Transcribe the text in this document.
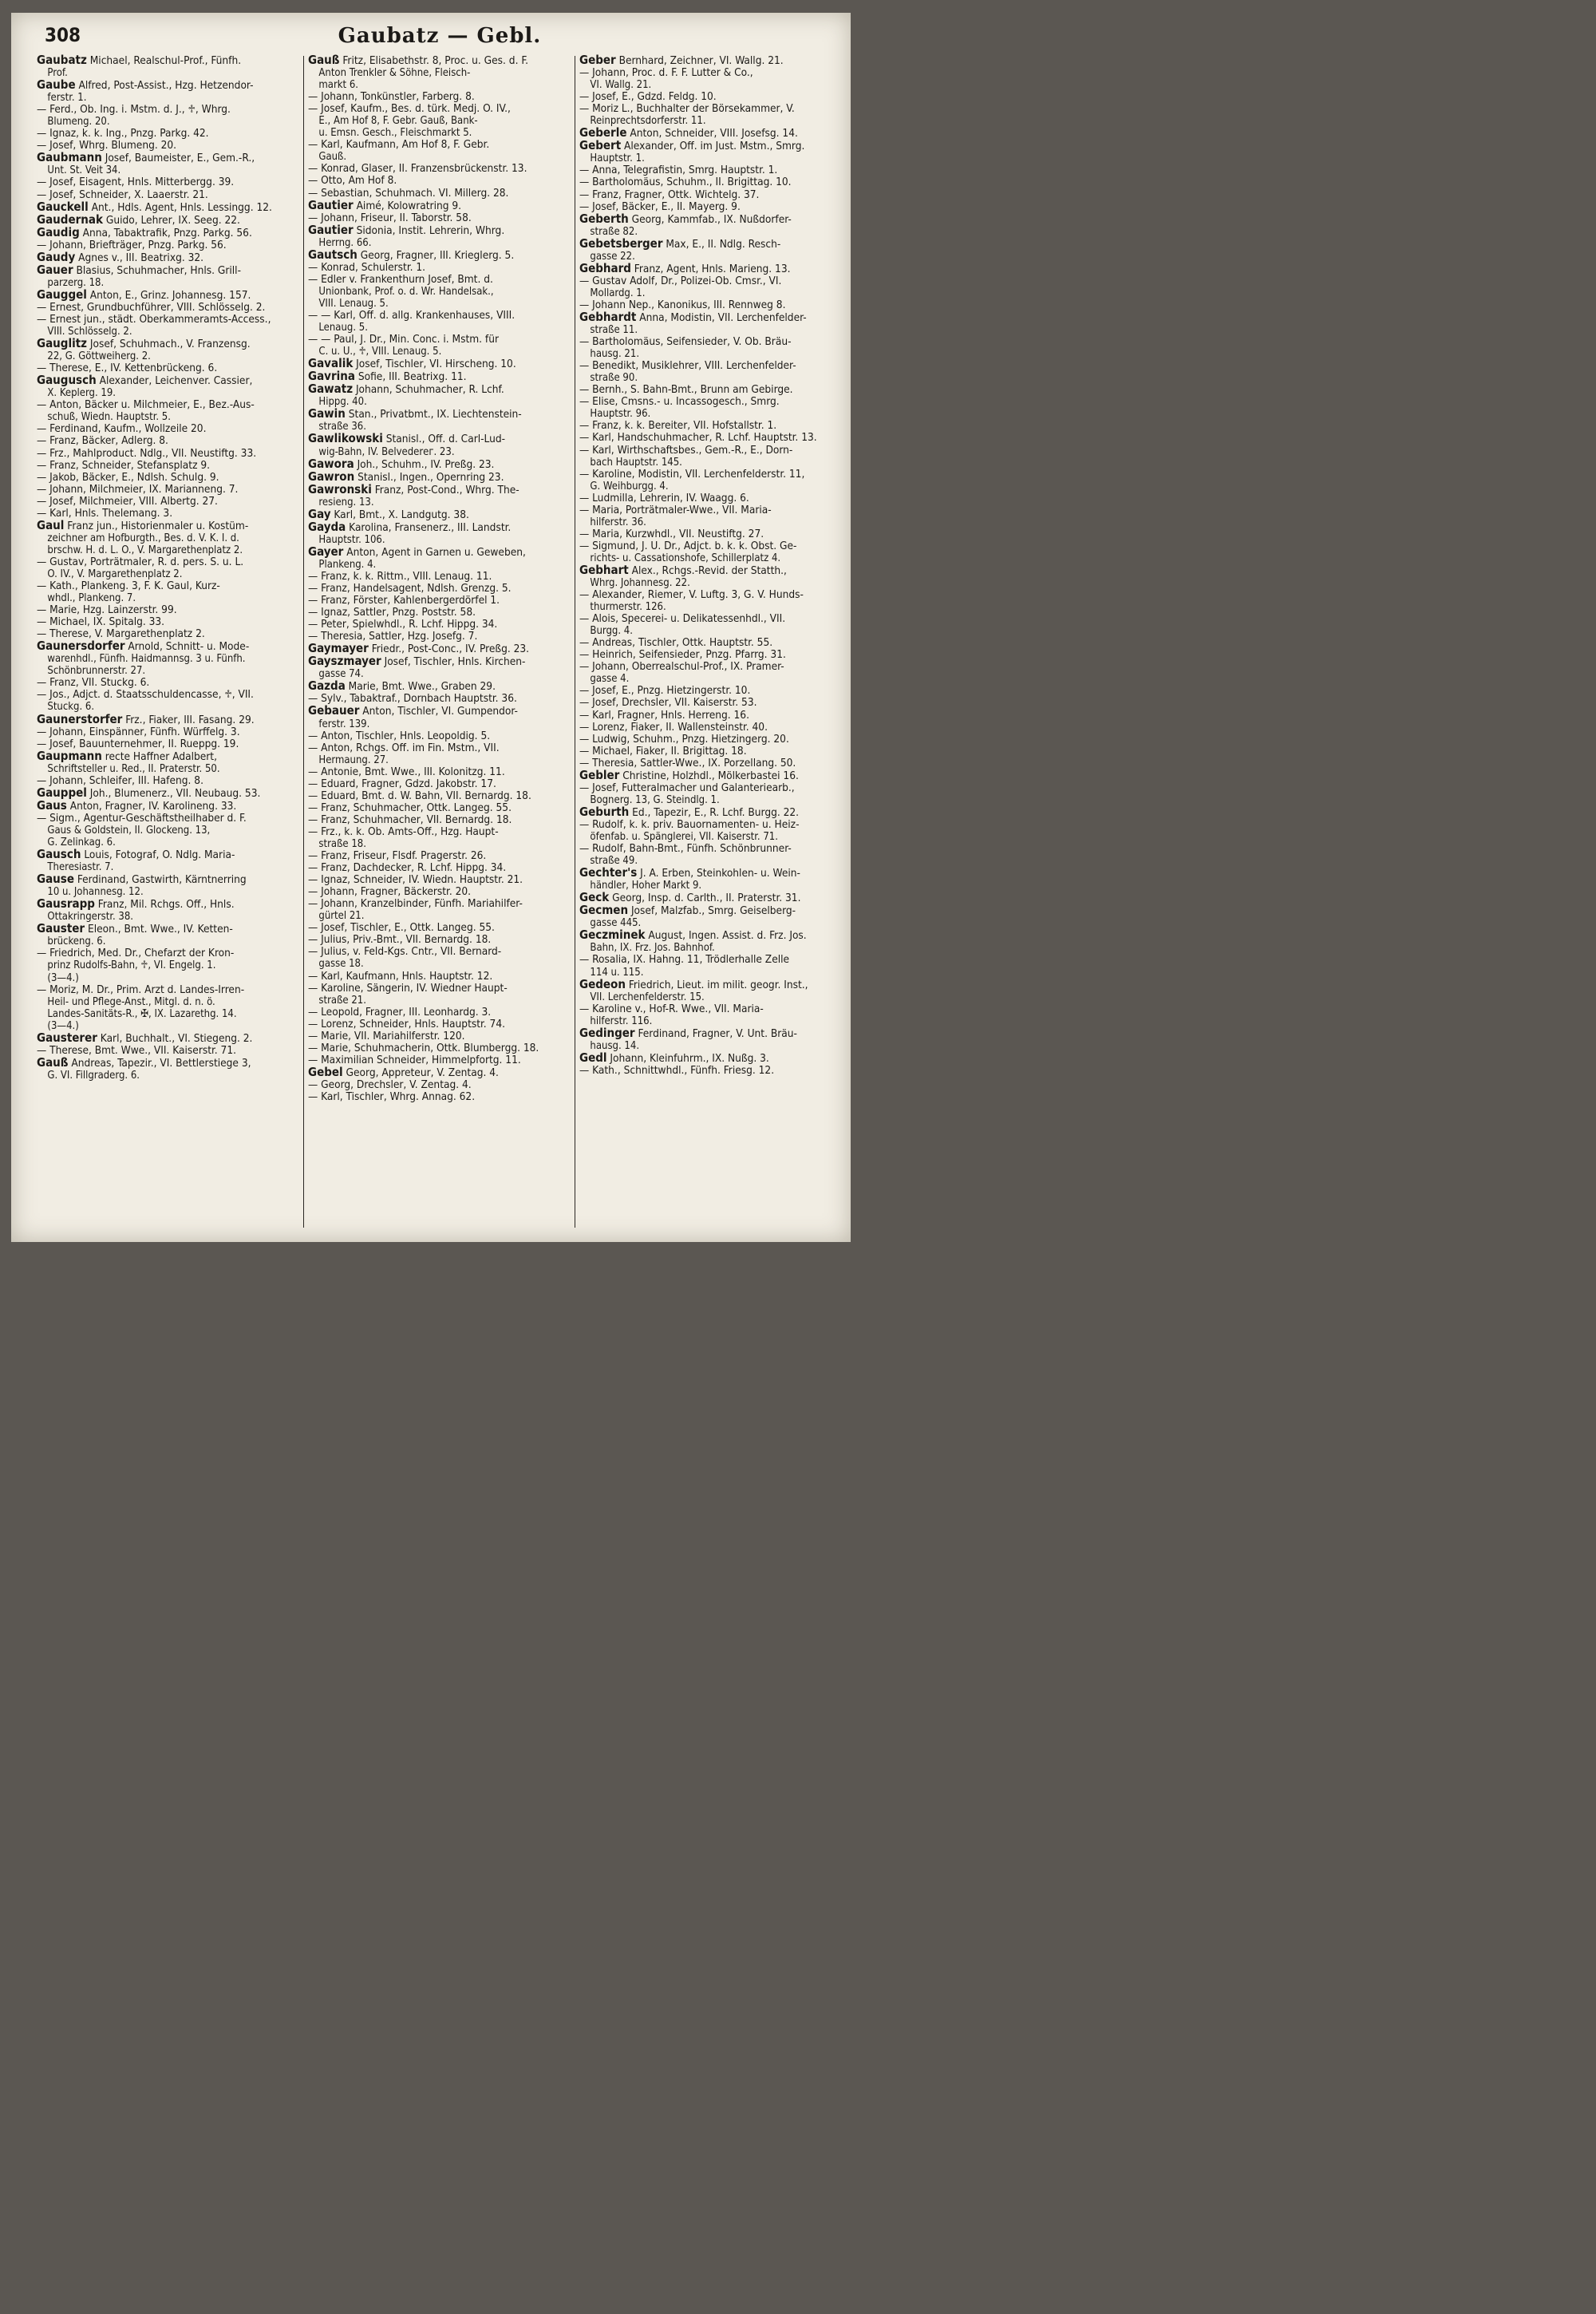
Gaubatz — Gebl.
308
Gaubatz Michael, Realschul-Prof., Fünfh.
Prof.
Gaube Alfred, Post-Assist., Hzg. Hetzendor-
ferstr. 1.
— Ferd., Ob. Ing. i. Mstm. d. J., ♱, Whrg.
Blumeng. 20.
— Ignaz, k. k. Ing., Pnzg. Parkg. 42.
— Josef, Whrg. Blumeng. 20.
Gaubmann Josef, Baumeister, E., Gem.-R.,
Unt. St. Veit 34.
— Josef, Eisagent, Hnls. Mitterbergg. 39.
— Josef, Schneider, X. Laaerstr. 21.
Gauckell Ant., Hdls. Agent, Hnls. Lessingg. 12.
Gaudernak Guido, Lehrer, IX. Seeg. 22.
Gaudig Anna, Tabaktrafik, Pnzg. Parkg. 56.
— Johann, Briefträger, Pnzg. Parkg. 56.
Gaudy Agnes v., III. Beatrixg. 32.
Gauer Blasius, Schuhmacher, Hnls. Grill-
parzerg. 18.
Gauggel Anton, E., Grinz. Johannesg. 157.
— Ernest, Grundbuchführer, VIII. Schlösselg. 2.
— Ernest jun., städt. Oberkammeramts-Access.,
VIII. Schlösselg. 2.
Gauglitz Josef, Schuhmach., V. Franzensg.
22, G. Göttweiherg. 2.
— Therese, E., IV. Kettenbrückeng. 6.
Gaugusch Alexander, Leichenver. Cassier,
X. Keplerg. 19.
— Anton, Bäcker u. Milchmeier, E., Bez.-Aus-
schuß, Wiedn. Hauptstr. 5.
— Ferdinand, Kaufm., Wollzeile 20.
— Franz, Bäcker, Adlerg. 8.
— Frz., Mahlproduct. Ndlg., VII. Neustiftg. 33.
— Franz, Schneider, Stefansplatz 9.
— Jakob, Bäcker, E., Ndlsh. Schulg. 9.
— Johann, Milchmeier, IX. Marianneng. 7.
— Josef, Milchmeier, VIII. Albertg. 27.
— Karl, Hnls. Thelemang. 3.
Gaul Franz jun., Historienmaler u. Kostüm-
zeichner am Hofburgth., Bes. d. V. K. I. d.
brschw. H. d. L. O., V. Margarethenplatz 2.
— Gustav, Porträtmaler, R. d. pers. S. u. L.
O. IV., V. Margarethenplatz 2.
— Kath., Plankeng. 3, F. K. Gaul, Kurz-
whdl., Plankeng. 7.
— Marie, Hzg. Lainzerstr. 99.
— Michael, IX. Spitalg. 33.
— Therese, V. Margarethenplatz 2.
Gaunersdorfer Arnold, Schnitt- u. Mode-
warenhdl., Fünfh. Haidmannsg. 3 u. Fünfh.
Schönbrunnerstr. 27.
— Franz, VII. Stuckg. 6.
— Jos., Adjct. d. Staatsschuldencasse, ♱, VII.
Stuckg. 6.
Gaunerstorfer Frz., Fiaker, III. Fasang. 29.
— Johann, Einspänner, Fünfh. Würffelg. 3.
— Josef, Bauunternehmer, II. Rueppg. 19.
Gaupmann recte Haffner Adalbert,
Schriftsteller u. Red., II. Praterstr. 50.
— Johann, Schleifer, III. Hafeng. 8.
Gauppel Joh., Blumenerz., VII. Neubaug. 53.
Gaus Anton, Fragner, IV. Karolineng. 33.
— Sigm., Agentur-Geschäftstheilhaber d. F.
Gaus & Goldstein, II. Glockeng. 13,
G. Zelinkag. 6.
Gausch Louis, Fotograf, O. Ndlg. Maria-
Theresiastr. 7.
Gause Ferdinand, Gastwirth, Kärntnerring
10 u. Johannesg. 12.
Gausrapp Franz, Mil. Rchgs. Off., Hnls.
Ottakringerstr. 38.
Gauster Eleon., Bmt. Wwe., IV. Ketten-
brückeng. 6.
— Friedrich, Med. Dr., Chefarzt der Kron-
prinz Rudolfs-Bahn, ♱, VI. Engelg. 1.
(3—4.)
— Moriz, M. Dr., Prim. Arzt d. Landes-Irren-
Heil- und Pflege-Anst., Mitgl. d. n. ö.
Landes-Sanitäts-R., ✠, IX. Lazarethg. 14.
(3—4.)
Gausterer Karl, Buchhalt., VI. Stiegeng. 2.
— Therese, Bmt. Wwe., VII. Kaiserstr. 71.
Gauß Andreas, Tapezir., VI. Bettlerstiege 3,
G. VI. Fillgraderg. 6.
Gauß Fritz, Elisabethstr. 8, Proc. u. Ges. d. F.
Anton Trenkler & Söhne, Fleisch-
markt 6.
— Johann, Tonkünstler, Farberg. 8.
— Josef, Kaufm., Bes. d. türk. Medj. O. IV.,
E., Am Hof 8, F. Gebr. Gauß, Bank-
u. Emsn. Gesch., Fleischmarkt 5.
— Karl, Kaufmann, Am Hof 8, F. Gebr.
Gauß.
— Konrad, Glaser, II. Franzensbrückenstr. 13.
— Otto, Am Hof 8.
— Sebastian, Schuhmach. VI. Millerg. 28.
Gautier Aimé, Kolowratring 9.
— Johann, Friseur, II. Taborstr. 58.
Gautier Sidonia, Instit. Lehrerin, Whrg.
Herrng. 66.
Gautsch Georg, Fragner, III. Krieglerg. 5.
— Konrad, Schulerstr. 1.
— Edler v. Frankenthurn Josef, Bmt. d.
Unionbank, Prof. o. d. Wr. Handelsak.,
VIII. Lenaug. 5.
— — Karl, Off. d. allg. Krankenhauses, VIII.
Lenaug. 5.
— — Paul, J. Dr., Min. Conc. i. Mstm. für
C. u. U., ♱, VIII. Lenaug. 5.
Gavalik Josef, Tischler, VI. Hirscheng. 10.
Gavrina Sofie, III. Beatrixg. 11.
Gawatz Johann, Schuhmacher, R. Lchf.
Hippg. 40.
Gawin Stan., Privatbmt., IX. Liechtenstein-
straße 36.
Gawlikowski Stanisl., Off. d. Carl-Lud-
wig-Bahn, IV. Belvederег. 23.
Gawora Joh., Schuhm., IV. Preßg. 23.
Gawron Stanisl., Ingen., Opernring 23.
Gawronski Franz, Post-Cond., Whrg. The-
resieng. 13.
Gay Karl, Bmt., X. Landgutg. 38.
Gayda Karolina, Fransenerz., III. Landstr.
Hauptstr. 106.
Gayer Anton, Agent in Garnen u. Geweben,
Plankeng. 4.
— Franz, k. k. Rittm., VIII. Lenaug. 11.
— Franz, Handelsagent, Ndlsh. Grenzg. 5.
— Franz, Förster, Kahlenbergerdörfel 1.
— Ignaz, Sattler, Pnzg. Poststr. 58.
— Peter, Spielwhdl., R. Lchf. Hippg. 34.
— Theresia, Sattler, Hzg. Josefg. 7.
Gaymayer Friedr., Post-Conc., IV. Preßg. 23.
Gayszmayer Josef, Tischler, Hnls. Kirchen-
gasse 74.
Gazda Marie, Bmt. Wwe., Graben 29.
— Sylv., Tabaktraf., Dornbach Hauptstr. 36.
Gebauer Anton, Tischler, VI. Gumpendor-
ferstr. 139.
— Anton, Tischler, Hnls. Leopoldig. 5.
— Anton, Rchgs. Off. im Fin. Mstm., VII.
Hermaung. 27.
— Antonie, Bmt. Wwe., III. Kolonitzg. 11.
— Eduard, Fragner, Gdzd. Jakobstr. 17.
— Eduard, Bmt. d. W. Bahn, VII. Bernardg. 18.
— Franz, Schuhmacher, Ottk. Langeg. 55.
— Franz, Schuhmacher, VII. Bernardg. 18.
— Frz., k. k. Ob. Amts-Off., Hzg. Haupt-
straße 18.
— Franz, Friseur, Flsdf. Pragerstr. 26.
— Franz, Dachdecker, R. Lchf. Hippg. 34.
— Ignaz, Schneider, IV. Wiedn. Hauptstr. 21.
— Johann, Fragner, Bäckerstr. 20.
— Johann, Kranzelbinder, Fünfh. Mariahilfer-
gürtel 21.
— Josef, Tischler, E., Ottk. Langeg. 55.
— Julius, Priv.-Bmt., VII. Bernardg. 18.
— Julius, v. Feld-Kgs. Cntr., VII. Bernard-
gasse 18.
— Karl, Kaufmann, Hnls. Hauptstr. 12.
— Karoline, Sängerin, IV. Wiedner Haupt-
straße 21.
— Leopold, Fragner, III. Leonhardg. 3.
— Lorenz, Schneider, Hnls. Hauptstr. 74.
— Marie, VII. Mariahilferstr. 120.
— Marie, Schuhmacherin, Ottk. Blumbergg. 18.
— Maximilian Schneider, Himmelpfortg. 11.
Gebel Georg, Appreteur, V. Zentag. 4.
— Georg, Drechsler, V. Zentag. 4.
— Karl, Tischler, Whrg. Annag. 62.
Geber Bernhard, Zeichner, VI. Wallg. 21.
— Johann, Proc. d. F. F. Lutter & Co.,
VI. Wallg. 21.
— Josef, E., Gdzd. Feldg. 10.
— Moriz L., Buchhalter der Börsekammer, V.
Reinprechtsdorferstr. 11.
Geberle Anton, Schneider, VIII. Josefsg. 14.
Gebert Alexander, Off. im Just. Mstm., Smrg.
Hauptstr. 1.
— Anna, Telegrafistin, Smrg. Hauptstr. 1.
— Bartholomäus, Schuhm., II. Brigittag. 10.
— Franz, Fragner, Ottk. Wichtelg. 37.
— Josef, Bäcker, E., II. Mayerg. 9.
Geberth Georg, Kammfab., IX. Nußdorfer-
straße 82.
Gebetsberger Max, E., II. Ndlg. Resch-
gasse 22.
Gebhard Franz, Agent, Hnls. Marieng. 13.
— Gustav Adolf, Dr., Polizei-Ob. Cmsr., VI.
Mollardg. 1.
— Johann Nep., Kanonikus, III. Rennweg 8.
Gebhardt Anna, Modistin, VII. Lerchenfelder-
straße 11.
— Bartholomäus, Seifensieder, V. Ob. Bräu-
hausg. 21.
— Benedikt, Musiklehrer, VIII. Lerchenfelder-
straße 90.
— Bernh., S. Bahn-Bmt., Brunn am Gebirge.
— Elise, Cmsns.- u. Incassogesch., Smrg.
Hauptstr. 96.
— Franz, k. k. Bereiter, VII. Hofstallstr. 1.
— Karl, Handschuhmacher, R. Lchf. Hauptstr. 13.
— Karl, Wirthschaftsbes., Gem.-R., E., Dorn-
bach Hauptstr. 145.
— Karoline, Modistin, VII. Lerchenfelderstr. 11,
G. Weihburgg. 4.
— Ludmilla, Lehrerin, IV. Waagg. 6.
— Maria, Porträtmaler-Wwe., VII. Maria-
hilferstr. 36.
— Maria, Kurzwhdl., VII. Neustiftg. 27.
— Sigmund, J. U. Dr., Adjct. b. k. k. Obst. Ge-
richts- u. Cassationshofe, Schillerplatz 4.
Gebhart Alex., Rchgs.-Revid. der Statth.,
Whrg. Johannesg. 22.
— Alexander, Riemer, V. Luftg. 3, G. V. Hunds-
thurmerstr. 126.
— Alois, Specerei- u. Delikatessenhdl., VII.
Burgg. 4.
— Andreas, Tischler, Ottk. Hauptstr. 55.
— Heinrich, Seifensieder, Pnzg. Pfarrg. 31.
— Johann, Oberrealschul-Prof., IX. Pramer-
gasse 4.
— Josef, E., Pnzg. Hietzingerstr. 10.
— Josef, Drechsler, VII. Kaiserstr. 53.
— Karl, Fragner, Hnls. Herreng. 16.
— Lorenz, Fiaker, II. Wallensteinstr. 40.
— Ludwig, Schuhm., Pnzg. Hietzingerg. 20.
— Michael, Fiaker, II. Brigittag. 18.
— Theresia, Sattler-Wwe., IX. Porzellang. 50.
Gebler Christine, Holzhdl., Mölkerbastei 16.
— Josef, Futteralmacher und Galanteriearb.,
Bognerg. 13, G. Steindlg. 1.
Geburth Ed., Tapezir, E., R. Lchf. Burgg. 22.
— Rudolf, k. k. priv. Bauornamenten- u. Heiz-
öfenfab. u. Spänglerei, VII. Kaiserstr. 71.
— Rudolf, Bahn-Bmt., Fünfh. Schönbrunner-
straße 49.
Gechter's J. A. Erben, Steinkohlen- u. Wein-
händler, Hoher Markt 9.
Geck Georg, Insp. d. Carlth., II. Praterstr. 31.
Gecmen Josef, Malzfab., Smrg. Geiselberg-
gasse 445.
Geczminek August, Ingen. Assist. d. Frz. Jos.
Bahn, IX. Frz. Jos. Bahnhof.
— Rosalia, IX. Hahng. 11, Trödlerhalle Zelle
114 u. 115.
Gedeon Friedrich, Lieut. im milit. geogr. Inst.,
VII. Lerchenfelderstr. 15.
— Karoline v., Hof-R. Wwe., VII. Maria-
hilferstr. 116.
Gedinger Ferdinand, Fragner, V. Unt. Bräu-
hausg. 14.
Gedl Johann, Kleinfuhrm., IX. Nußg. 3.
— Kath., Schnittwhdl., Fünfh. Friesg. 12.
